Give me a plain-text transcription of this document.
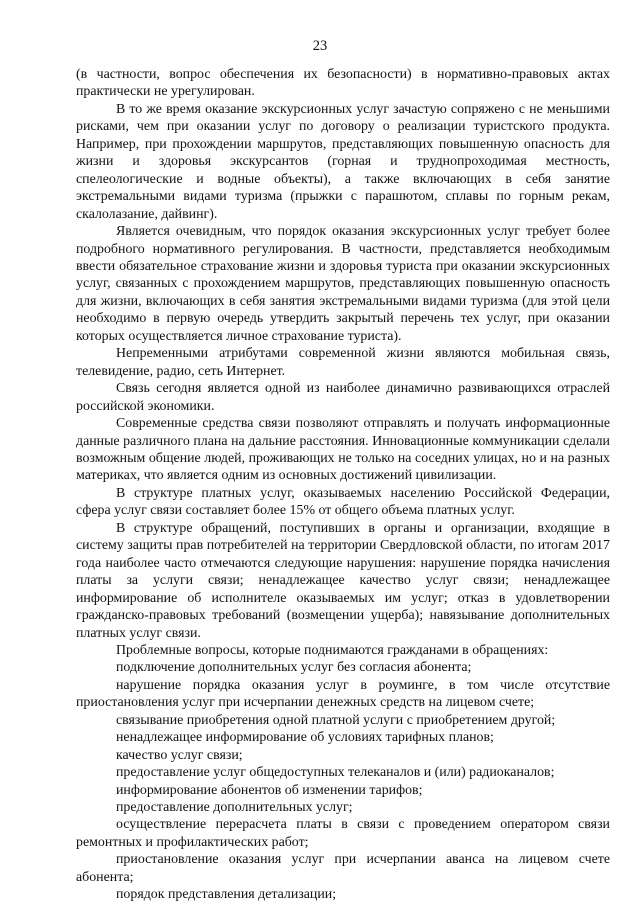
23

(в частности, вопрос обеспечения их безопасности) в нормативно-правовых актах практически не урегулирован.

В то же время оказание экскурсионных услуг зачастую сопряжено с не меньшими рисками, чем при оказании услуг по договору о реализации туристского продукта. Например, при прохождении маршрутов, представляющих повышенную опасность для жизни и здоровья экскурсантов (горная и труднопроходимая местность, спелеологические и водные объекты), а также включающих в себя занятие экстремальными видами туризма (прыжки с парашютом, сплавы по горным рекам, скалолазание, дайвинг).

Является очевидным, что порядок оказания экскурсионных услуг требует более подробного нормативного регулирования. В частности, представляется необходимым ввести обязательное страхование жизни и здоровья туриста при оказании экскурсионных услуг, связанных с прохождением маршрутов, представляющих повышенную опасность для жизни, включающих в себя занятия экстремальными видами туризма (для этой цели необходимо в первую очередь утвердить закрытый перечень тех услуг, при оказании которых осуществляется личное страхование туриста).

Непременными атрибутами современной жизни являются мобильная связь, телевидение, радио, сеть Интернет.

Связь сегодня является одной из наиболее динамично развивающихся отраслей российской экономики.

Современные средства связи позволяют отправлять и получать информационные данные различного плана на дальние расстояния. Инновационные коммуникации сделали возможным общение людей, проживающих не только на соседних улицах, но и на разных материках, что является одним из основных достижений цивилизации.

В структуре платных услуг, оказываемых населению Российской Федерации, сфера услуг связи составляет более 15% от общего объема платных услуг.

В структуре обращений, поступивших в органы и организации, входящие в систему защиты прав потребителей на территории Свердловской области, по итогам 2017 года наиболее часто отмечаются следующие нарушения: нарушение порядка начисления платы за услуги связи; ненадлежащее качество услуг связи; ненадлежащее информирование об исполнителе оказываемых им услуг; отказ в удовлетворении гражданско-правовых требований (возмещении ущерба); навязывание дополнительных платных услуг связи.

Проблемные вопросы, которые поднимаются гражданами в обращениях:

подключение дополнительных услуг без согласия абонента;

нарушение порядка оказания услуг в роуминге, в том числе отсутствие приостановления услуг при исчерпании денежных средств на лицевом счете;

связывание приобретения одной платной услуги с приобретением другой;

ненадлежащее информирование об условиях тарифных планов;

качество услуг связи;

предоставление услуг общедоступных телеканалов и (или) радиоканалов;

информирование абонентов об изменении тарифов;

предоставление дополнительных услуг;

осуществление перерасчета платы в связи с проведением оператором связи ремонтных и профилактических работ;

приостановление оказания услуг при исчерпании аванса на лицевом счете абонента;

порядок представления детализации;
